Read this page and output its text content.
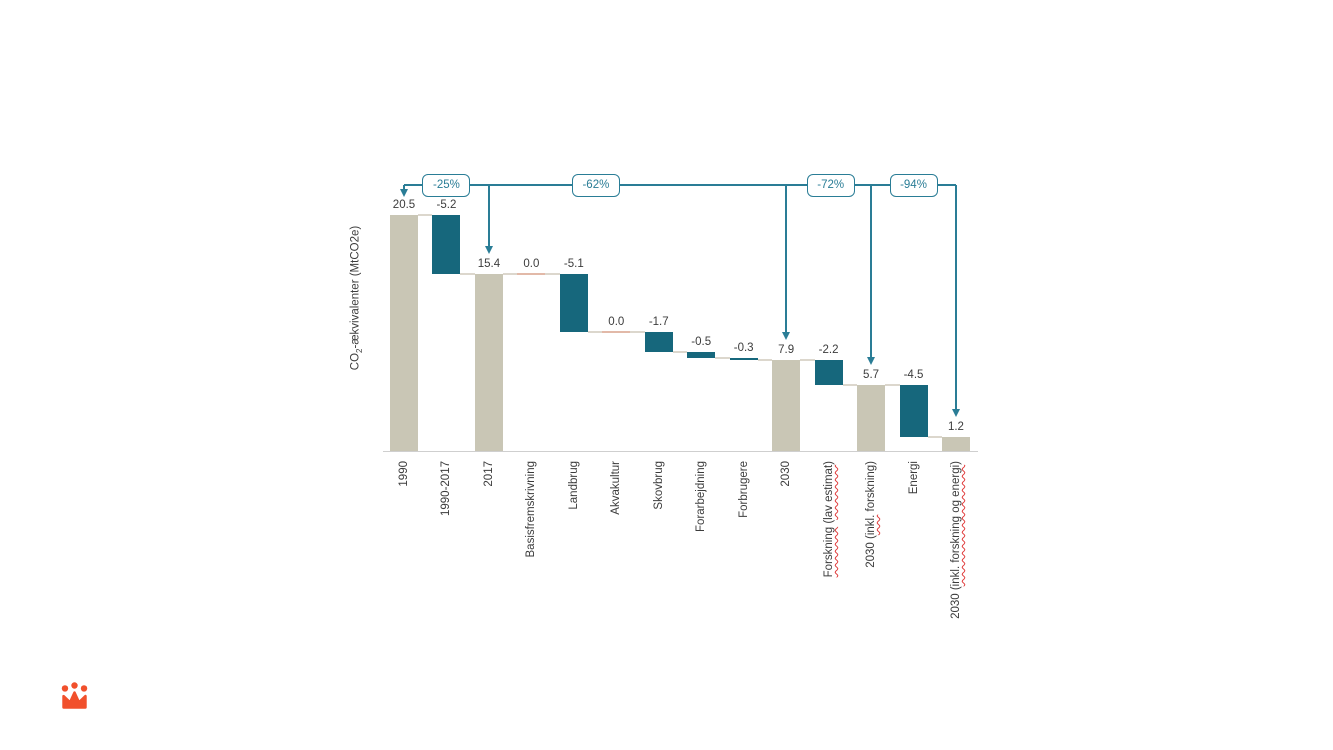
20.5	-5.2
15.4	0.0	-5.1
0.0	-1.7
-0.5	-0.3	7.9	-2.2
5.7	-4.5
1.2
1990	1990-2017	2017	Basisfremskrivning	Landbrug	Akvakultur	Skovbrug	Forarbejdning	Forbrugere	2030
Forskning (lav estimat)
2030 (inkl. forskning)	Energi
2030 (inkl. forskning og energi)
$CO_2$-ækvivalenter (MtCO2e)
-25%	-62%	-72%	-94%
